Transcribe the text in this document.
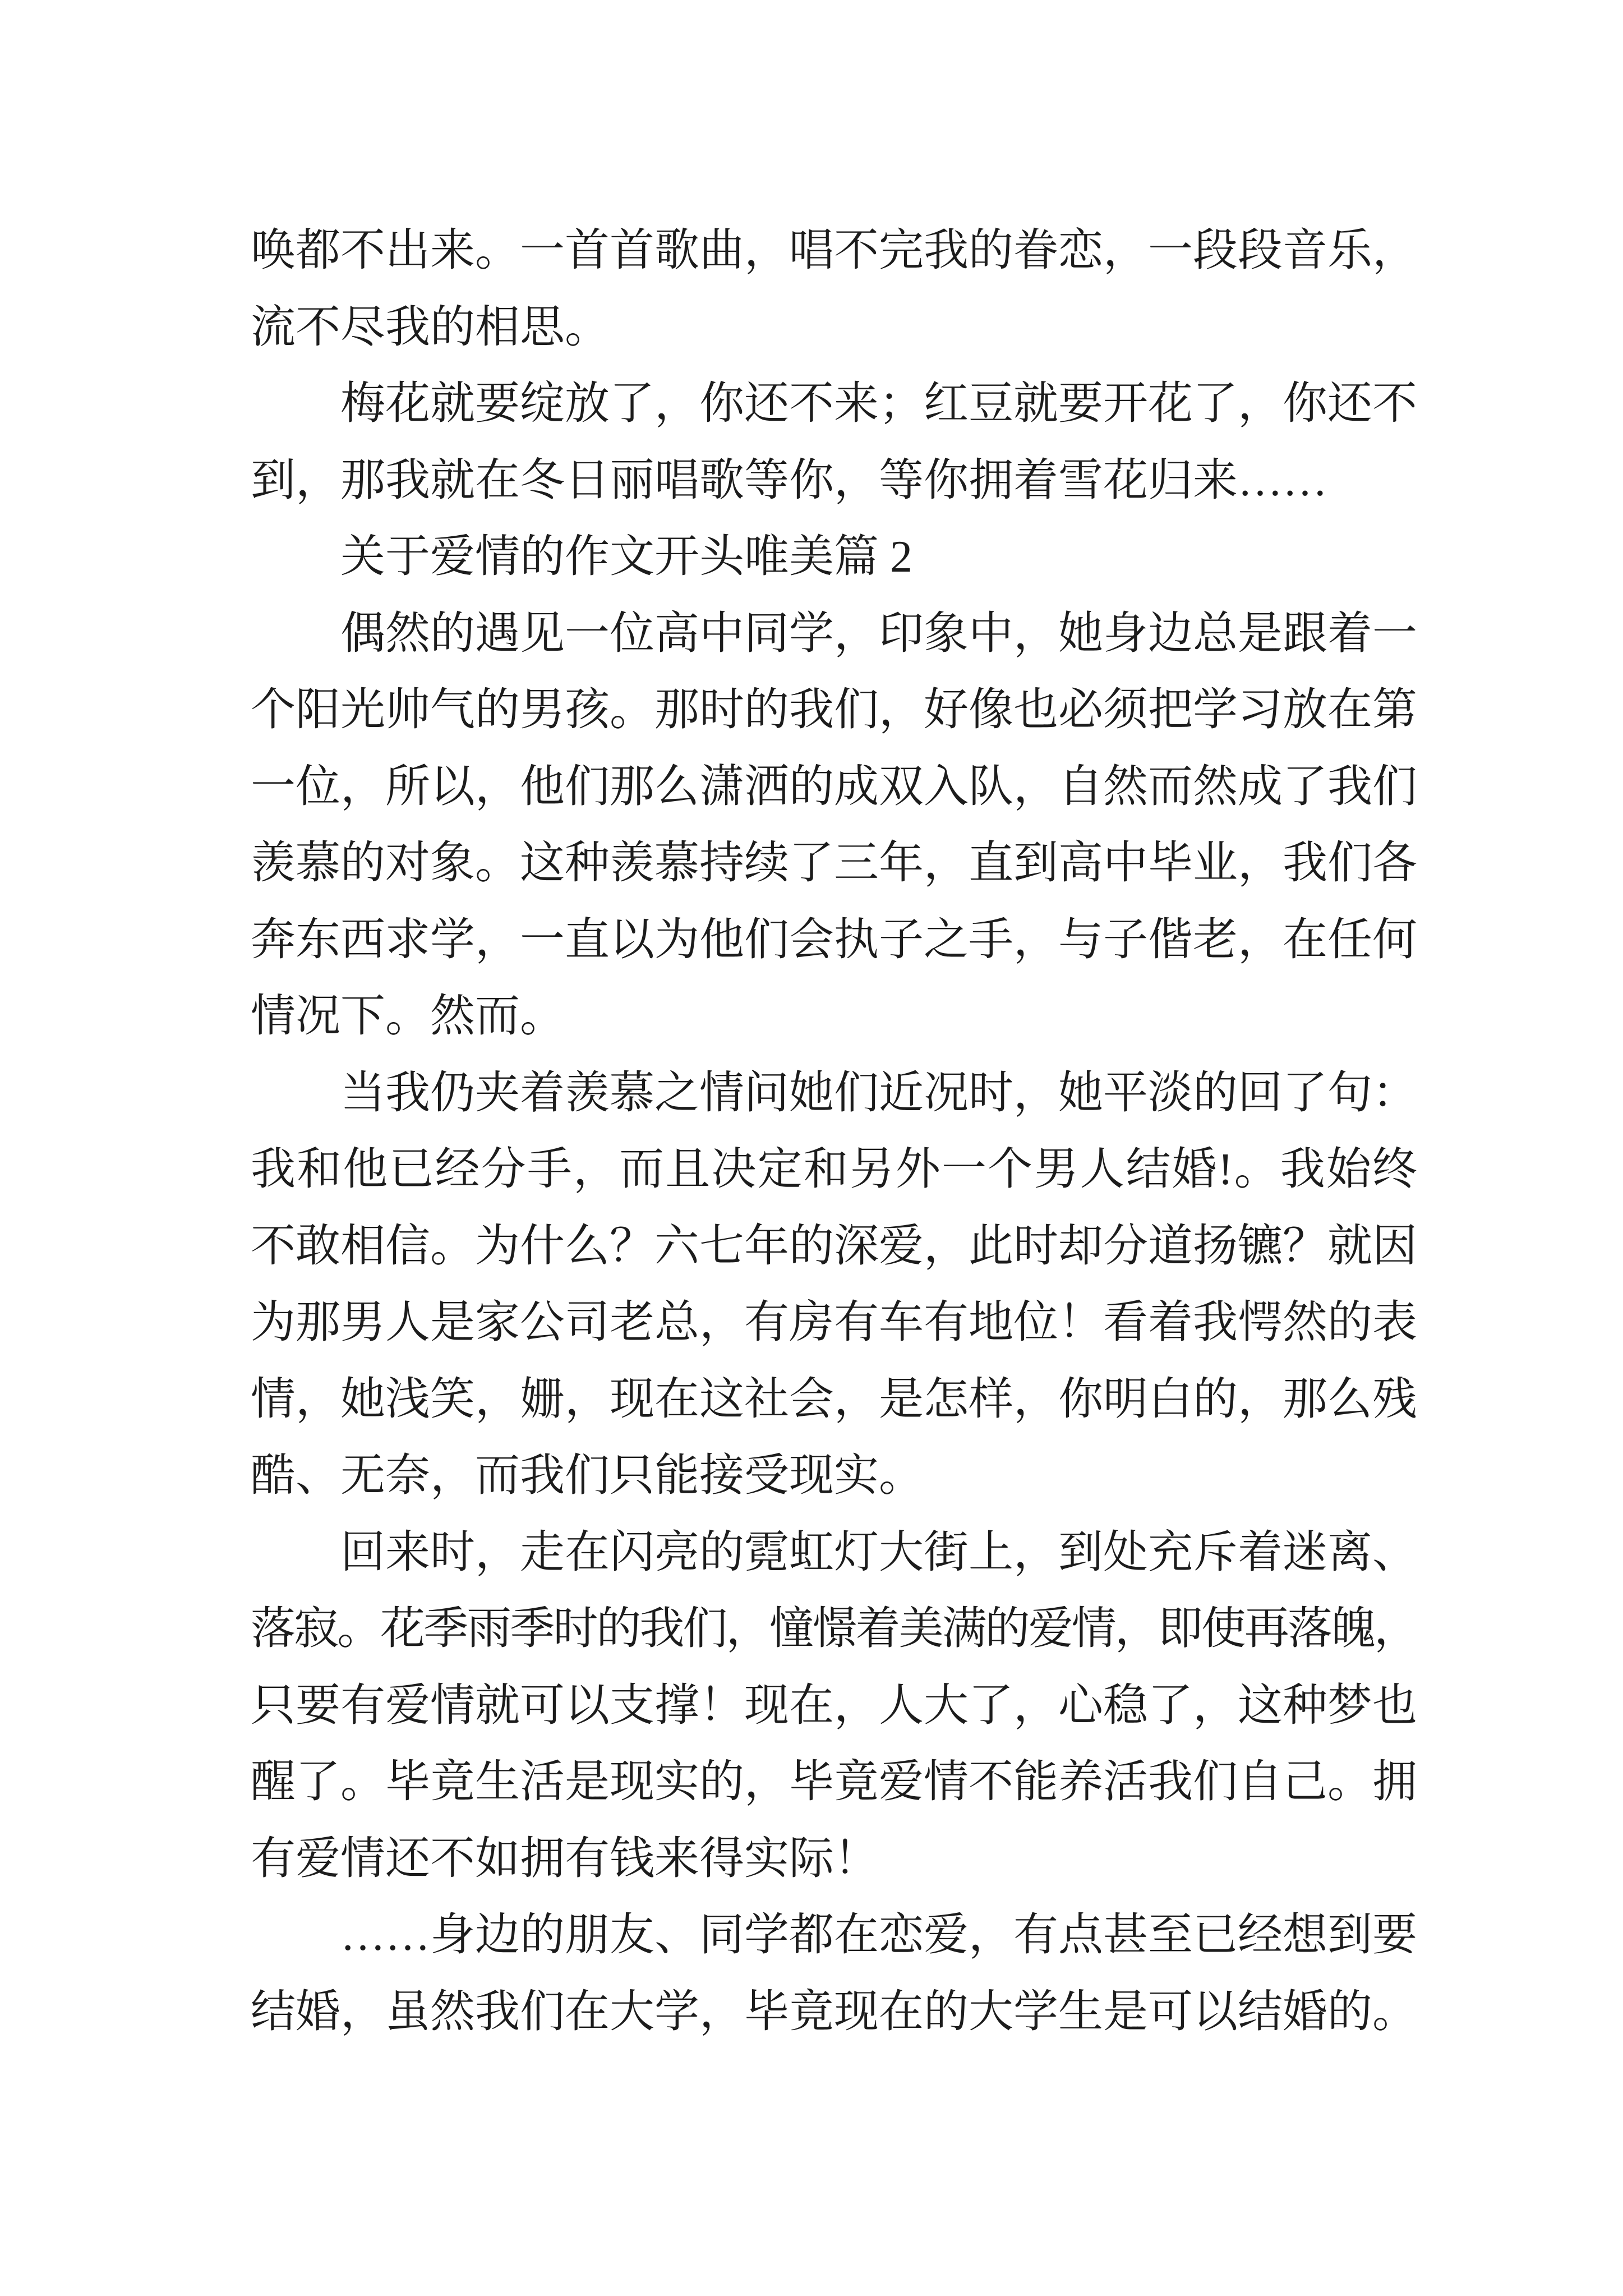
唤都不出来。一首首歌曲，唱不完我的眷恋，一段段音乐，
流不尽我的相思。
梅花就要绽放了，你还不来；红豆就要开花了，你还不
到，那我就在冬日丽唱歌等你，等你拥着雪花归来……
关于爱情的作文开头唯美篇 2
偶然的遇见一位高中同学，印象中，她身边总是跟着一
个阳光帅气的男孩。那时的我们，好像也必须把学习放在第
一位，所以，他们那么潇洒的成双入队，自然而然成了我们
羡慕的对象。这种羡慕持续了三年，直到高中毕业，我们各
奔东西求学，一直以为他们会执子之手，与子偕老，在任何
情况下。然而。
当我仍夹着羡慕之情问她们近况时，她平淡的回了句：
我和他已经分手，而且决定和另外一个男人结婚!。我始终
不敢相信。为什么？六七年的深爱，此时却分道扬镳？就因
为那男人是家公司老总，有房有车有地位！看着我愕然的表
情，她浅笑，姗，现在这社会，是怎样，你明白的，那么残
酷、无奈，而我们只能接受现实。
回来时，走在闪亮的霓虹灯大街上，到处充斥着迷离、
落寂。花季雨季时的我们，憧憬着美满的爱情，即使再落魄，
只要有爱情就可以支撑！现在，人大了，心稳了，这种梦也
醒了。毕竟生活是现实的，毕竟爱情不能养活我们自己。拥
有爱情还不如拥有钱来得实际！
……身边的朋友、同学都在恋爱，有点甚至已经想到要
结婚，虽然我们在大学，毕竟现在的大学生是可以结婚的。
